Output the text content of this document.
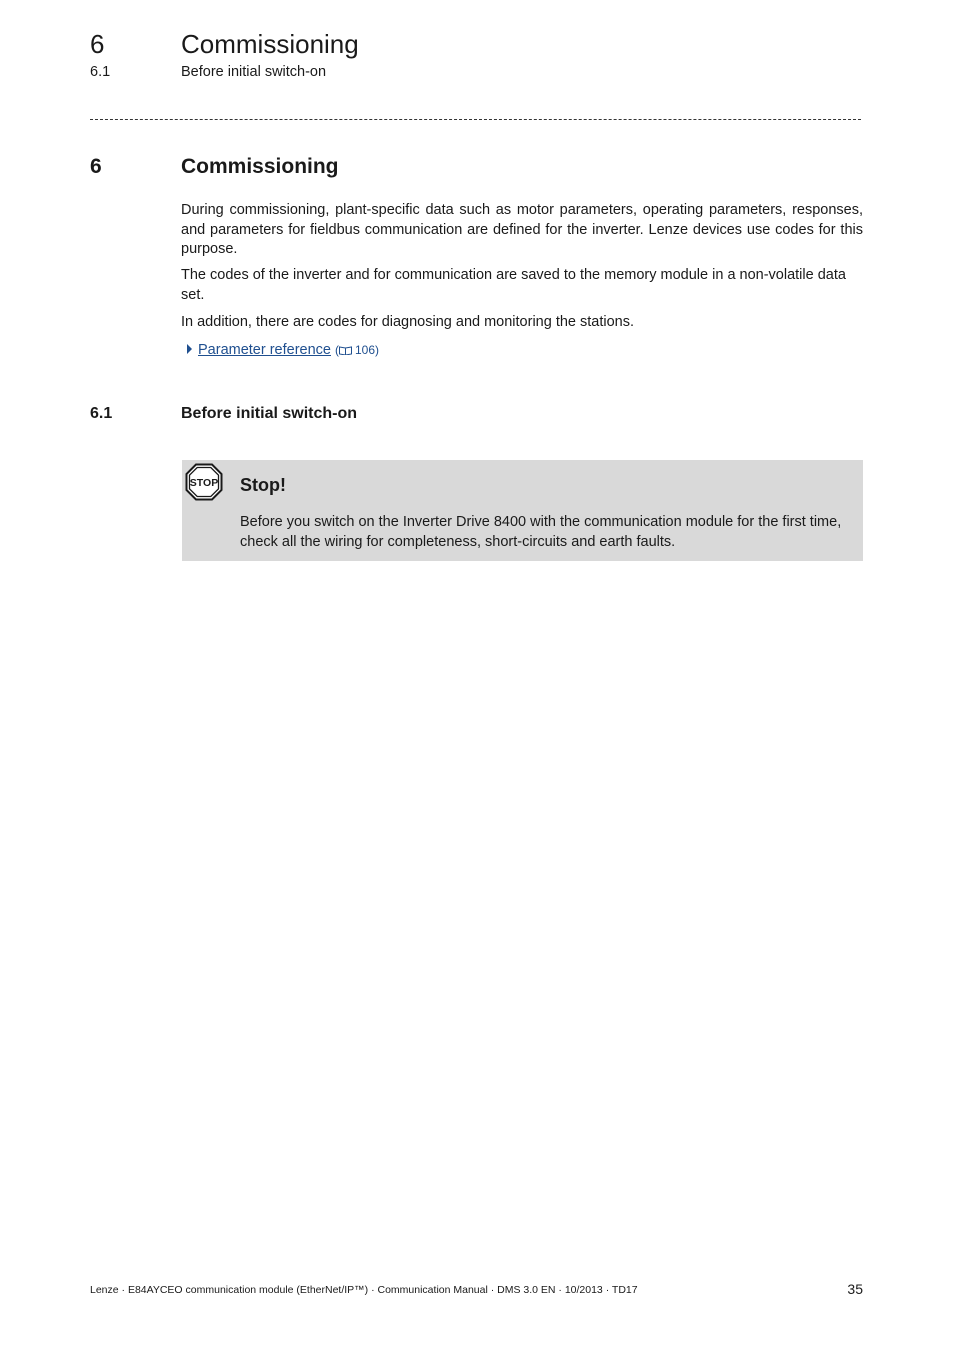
6	Commissioning
6.1	Before initial switch-on
6	Commissioning
During commissioning, plant-specific data such as motor parameters, operating parameters, responses, and parameters for fieldbus communication are defined for the inverter. Lenze devices use codes for this purpose.
The codes of the inverter and for communication are saved to the memory module in a non-volatile data set.
In addition, there are codes for diagnosing and monitoring the stations.
Parameter reference ( 106)
6.1	Before initial switch-on
STOP Stop!
Before you switch on the Inverter Drive 8400 with the communication module for the first time, check all the wiring for completeness, short-circuits and earth faults.
Lenze · E84AYCEO communication module (EtherNet/IP™) · Communication Manual · DMS 3.0 EN · 10/2013 · TD17	35
